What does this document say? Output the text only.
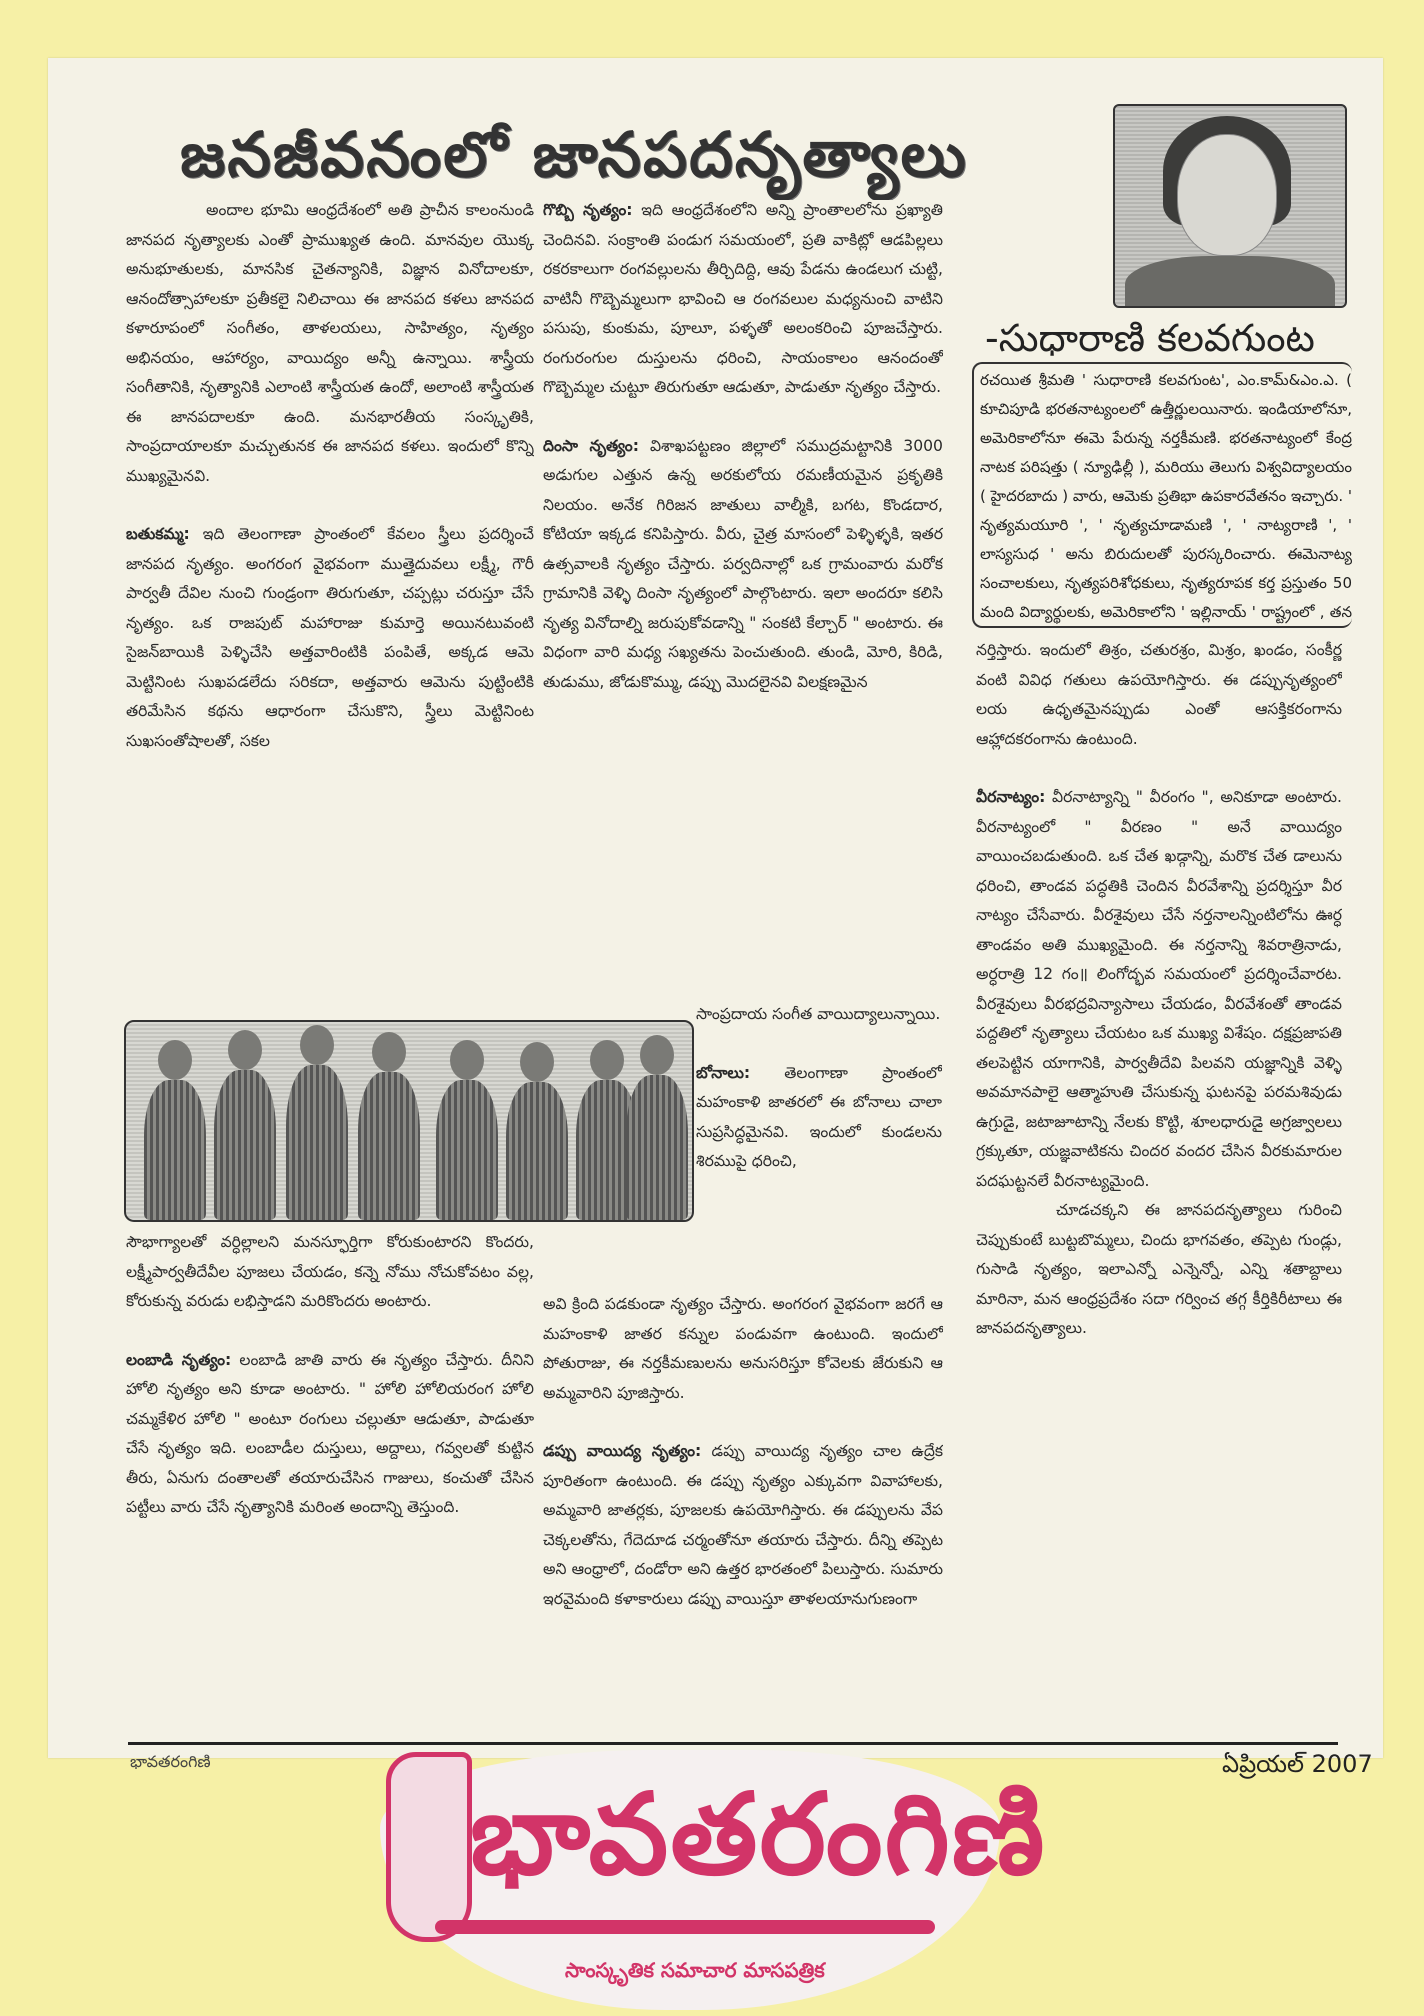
జనజీవనంలో జానపదనృత్యాలు

అందాల భూమి ఆంధ్రదేశంలో అతి ప్రాచీన కాలంనుండి జానపద నృత్యాలకు ఎంతో ప్రాముఖ్యత ఉంది. మానవుల యొక్క అనుభూతులకు, మానసిక చైతన్యానికి, విజ్ఞాన వినోదాలకూ, ఆనందోత్సాహాలకూ ప్రతీకలై నిలిచాయి ఈ జానపద కళలు జానపద కళారూపంలో సంగీతం, తాళలయలు, సాహిత్యం, నృత్యం అభినయం, ఆహార్యం, వాయిద్యం అన్నీ ఉన్నాయి. శాస్త్రీయ సంగీతానికి, నృత్యానికి ఎలాంటి శాస్త్రీయత ఉందో, అలాంటి శాస్త్రీయత ఈ జానపదాలకూ ఉంది. మనభారతీయ సంస్కృతికి, సాంప్రదాయాలకూ మచ్చుతునక ఈ జానపద కళలు. ఇందులో కొన్ని ముఖ్యమైనవి.

బతుకమ్మ: ఇది తెలంగాణా ప్రాంతంలో కేవలం స్త్రీలు ప్రదర్శించే జానపద నృత్యం. అంగరంగ వైభవంగా ముత్తైదువలు లక్ష్మీ, గౌరీ పార్వతీ దేవిల నుంచి గుండ్రంగా తిరుగుతూ, చప్పట్లు చరుస్తూ చేసే నృత్యం. ఒక రాజపుట్ మహారాజు కుమార్తె అయినటువంటి సైజన్‌బాయికి పెళ్ళిచేసి అత్తవారింటికి పంపితే, అక్కడ ఆమె మెట్టినింట సుఖపడలేదు సరికదా, అత్తవారు ఆమెను పుట్టింటికి తరిమేసిన కథను ఆధారంగా చేసుకొని, స్త్రీలు మెట్టినింట సుఖసంతోషాలతో, సకల

సౌభాగ్యాలతో వర్ధిల్లాలని మనస్ఫూర్తిగా కోరుకుంటారని కొందరు, లక్ష్మీపార్వతీదేవీల పూజలు చేయడం, కన్నె నోము నోచుకోవటం వల్ల, కోరుకున్న వరుడు లభిస్తాడని మరికొందరు అంటారు.

లంబాడి నృత్యం: లంబాడి జాతి వారు ఈ నృత్యం చేస్తారు. దీనిని హోలి నృత్యం అని కూడా అంటారు. " హోలి హోలియరంగ హోలి చమ్మకేళిర హోలి " అంటూ రంగులు చల్లుతూ ఆడుతూ, పాడుతూ చేసే నృత్యం ఇది. లంబాడీల దుస్తులు, అద్దాలు, గవ్వలతో కుట్టిన తీరు, ఏనుగు దంతాలతో తయారుచేసిన గాజులు, కంచుతో చేసిన పట్టీలు వారు చేసే నృత్యానికి మరింత అందాన్ని తెస్తుంది.

గొబ్బి నృత్యం: ఇది ఆంధ్రదేశంలోని అన్ని ప్రాంతాలలోను ప్రఖ్యాతి చెందినవి. సంక్రాంతి పండుగ సమయంలో, ప్రతి వాకిట్లో ఆడపిల్లలు రకరకాలుగా రంగవల్లులను తీర్చిదిద్ది, ఆవు పేడను ఉండలుగ చుట్టి, వాటినీ గొబ్బెమ్మలుగా భావించి ఆ రంగవలుల మధ్యనుంచి వాటిని పసుపు, కుంకుమ, పూలూ, పళ్ళతో అలంకరించి పూజచేస్తారు. రంగురంగుల దుస్తులను ధరించి, సాయంకాలం ఆనందంతో గొబ్బెమ్మల చుట్టూ తిరుగుతూ ఆడుతూ, పాడుతూ నృత్యం చేస్తారు.

దింసా నృత్యం: విశాఖపట్టణం జిల్లాలో సముద్రమట్టానికి 3000 అడుగుల ఎత్తున ఉన్న అరకులోయ రమణీయమైన ప్రకృతికి నిలయం. అనేక గిరిజన జాతులు వాల్మీకి, బగట, కొండదార, కోటియా ఇక్కడ కనిపిస్తారు. వీరు, చైత్ర మాసంలో పెళ్ళిళ్ళకి, ఇతర ఉత్సవాలకి నృత్యం చేస్తారు. పర్వదినాల్లో ఒక గ్రామంవారు మరోక గ్రామానికి వెళ్ళి దింసా నృత్యంలో పాల్గొంటారు. ఇలా అందరూ కలిసి నృత్య వినోదాల్ని జరుపుకోవడాన్ని " సంకటి కేల్చార్ " అంటారు. ఈ విధంగా వారి మధ్య సఖ్యతను పెంచుతుంది. తుండి, మోరి, కిరిడి, తుడుము, జోడుకొమ్ము, డప్పు మొదలైనవి విలక్షణమైన

సాంప్రదాయ సంగీత వాయిద్యాలున్నాయి.

బోనాలు: తెలంగాణా ప్రాంతంలో మహంకాళి జాతరలో ఈ బోనాలు చాలా సుప్రసిద్ధమైనవి. ఇందులో కుండలను శిరముపై ధరించి,

అవి క్రింది పడకుండా నృత్యం చేస్తారు. అంగరంగ వైభవంగా జరగే ఆ మహంకాళి జాతర కన్నుల పండువగా ఉంటుంది. ఇందులో పోతురాజు, ఈ నర్తకీమణులను అనుసరిస్తూ కోవెలకు జేరుకుని ఆ అమ్మవారిని పూజిస్తారు.

డప్పు వాయిద్య నృత్యం: డప్పు వాయిద్య నృత్యం చాల ఉద్రేక పూరితంగా ఉంటుంది. ఈ డప్పు నృత్యం ఎక్కువగా వివాహాలకు, అమ్మవారి జాతర్లకు, పూజలకు ఉపయోగిస్తారు. ఈ డప్పులను వేప చెక్కలతోను, గేదెదూడ చర్మంతోనూ తయారు చేస్తారు. దీన్ని తప్పెట అని ఆంధ్రాలో, దండోరా అని ఉత్తర భారతంలో పిలుస్తారు. సుమారు ఇరవైమంది కళాకారులు డప్పు వాయిస్తూ తాళలయానుగుణంగా

-సుధారాణి కలవగుంట
రచయిత శ్రీమతి ' సుధారాణి కలవగుంట', ఎం.కామ్&ఎం.ఎ. ( కూచిపూడి భరతనాట్యంలలో ఉత్తీర్ణులయినారు. ఇండియాలోనూ, అమెరికాలోనూ ఈమె పేరున్న నర్తకీమణి. భరతనాట్యంలో కేంద్ర నాటక పరిషత్తు ( న్యూఢిల్లీ ), మరియు తెలుగు విశ్వవిద్యాలయం ( హైదరబాదు ) వారు, ఆమెకు ప్రతిభా ఉపకారవేతనం ఇచ్చారు. ' నృత్యమయూరి ', ' నృత్యచూడామణి ', ' నాట్యరాణి ', ' లాస్యసుధ ' అను బిరుదులతో పురస్కరించారు. ఈమెనాట్య సంచాలకులు, నృత్యపరిశోధకులు, నృత్యరూపక కర్త ప్రస్తుతం 50 మంది విద్యార్థులకు, అమెరికాలోని ' ఇల్లినాయ్ ' రాష్ట్రంలో , తన

నర్తిస్తారు. ఇందులో తిశ్రం, చతురశ్రం, మిశ్రం, ఖండం, సంకీర్ణ వంటి వివిధ గతులు ఉపయోగిస్తారు. ఈ డప్పునృత్యంలో లయ ఉధృతమైనప్పుడు ఎంతో ఆసక్తికరంగాను ఆహ్లాదకరంగాను ఉంటుంది.

వీరనాట్యం: వీరనాట్యాన్ని " వీరంగం ", అనికూడా అంటారు. వీరనాట్యంలో " వీరణం " అనే వాయిద్యం వాయించబడుతుంది. ఒక చేత ఖడ్గాన్ని, మరొక చేత డాలును ధరించి, తాండవ పద్ధతికి చెందిన వీరవేశాన్ని ప్రదర్శిస్తూ వీర నాట్యం చేసేవారు. వీరశైవులు చేసే నర్తనాలన్నింటిలోను ఊర్ధ తాండవం అతి ముఖ్యమైంది. ఈ నర్తనాన్ని శివరాత్రినాడు, అర్ధరాత్రి 12 గం॥ లింగోద్భవ సమయంలో ప్రదర్శించేవారట. వీరశైవులు వీరభద్రవిన్యాసాలు చేయడం, వీరవేశంతో తాండవ పద్దతిలో నృత్యాలు చేయటం ఒక ముఖ్య విశేషం. దక్షప్రజాపతి తలపెట్టిన యాగానికి, పార్వతీదేవి పిలవని యజ్ఞాన్నికి వెళ్ళి అవమానపాలై ఆత్మాహుతి చేసుకున్న ఘటనపై పరమశివుడు ఉగ్రుడై, జటాజూటాన్ని నేలకు కొట్టి, శూలధారుడై అగ్రజ్వాలలు గ్రక్కుతూ, యజ్ఞవాటికను చిందర వందర చేసిన వీరకుమారుల పదఘట్టనలే వీరనాట్యమైంది.

చూడచక్కని ఈ జానపదనృత్యాలు గురించి చెప్పుకుంటే బుట్టబొమ్మలు, చిందు భాగవతం, తప్పెట గుండ్లు, గుసాడి నృత్యం, ఇలాఎన్నో ఎన్నెన్నో, ఎన్ని శతాబ్దాలు మారినా, మన ఆంధ్రప్రదేశం సదా గర్వించ తగ్గ కీర్తికిరీటాలు ఈ జానపదనృత్యాలు.

భావతరంగిణి	ఏప్రియల్ 2007
భావతరంగిణి
సాంస్కృతిక సమాచార మాసపత్రిక
